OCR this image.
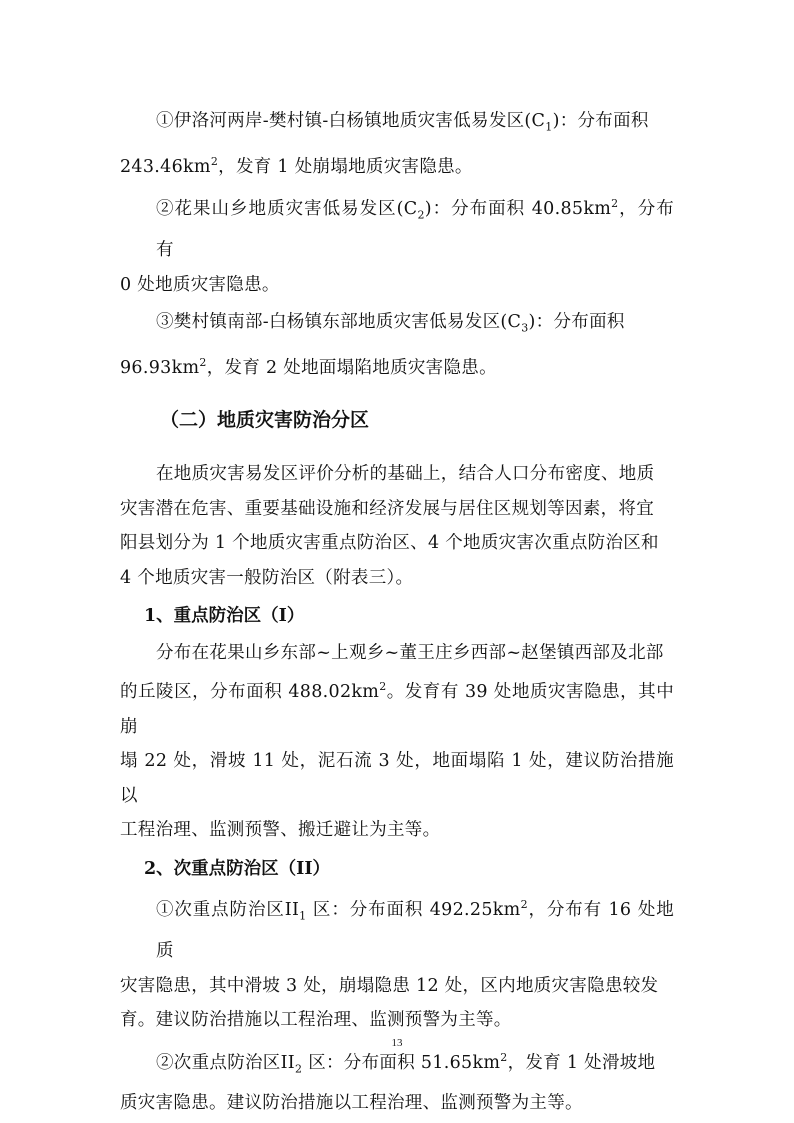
①伊洛河两岸-樊村镇-白杨镇地质灾害低易发区$(C_1)$：分布面积
$243.46km^2$，发育 1 处崩塌地质灾害隐患。

②花果山乡地质灾害低易发区$(C_2)$：分布面积 $40.85km^2$，分布有
0 处地质灾害隐患。

③樊村镇南部-白杨镇东部地质灾害低易发区$(C_3)$：分布面积
$96.93km^2$，发育 2 处地面塌陷地质灾害隐患。

（二）地质灾害防治分区

在地质灾害易发区评价分析的基础上，结合人口分布密度、地质
灾害潜在危害、重要基础设施和经济发展与居住区规划等因素，将宜
阳县划分为 1 个地质灾害重点防治区、4 个地质灾害次重点防治区和
4 个地质灾害一般防治区（附表三）。

1、重点防治区（I）

分布在花果山乡东部~上观乡~董王庄乡西部~赵堡镇西部及北部
的丘陵区，分布面积 $488.02km^2$。发育有 39 处地质灾害隐患，其中崩
塌 22 处，滑坡 11 处，泥石流 3 处，地面塌陷 1 处，建议防治措施以
工程治理、监测预警、搬迁避让为主等。

2、次重点防治区（II）

①次重点防治区$II_1$ 区：分布面积 $492.25km^2$，分布有 16 处地质
灾害隐患，其中滑坡 3 处，崩塌隐患 12 处，区内地质灾害隐患较发
育。建议防治措施以工程治理、监测预警为主等。

②次重点防治区$II_2$ 区：分布面积 $51.65km^2$，发育 1 处滑坡地
质灾害隐患。建议防治措施以工程治理、监测预警为主等。

13
